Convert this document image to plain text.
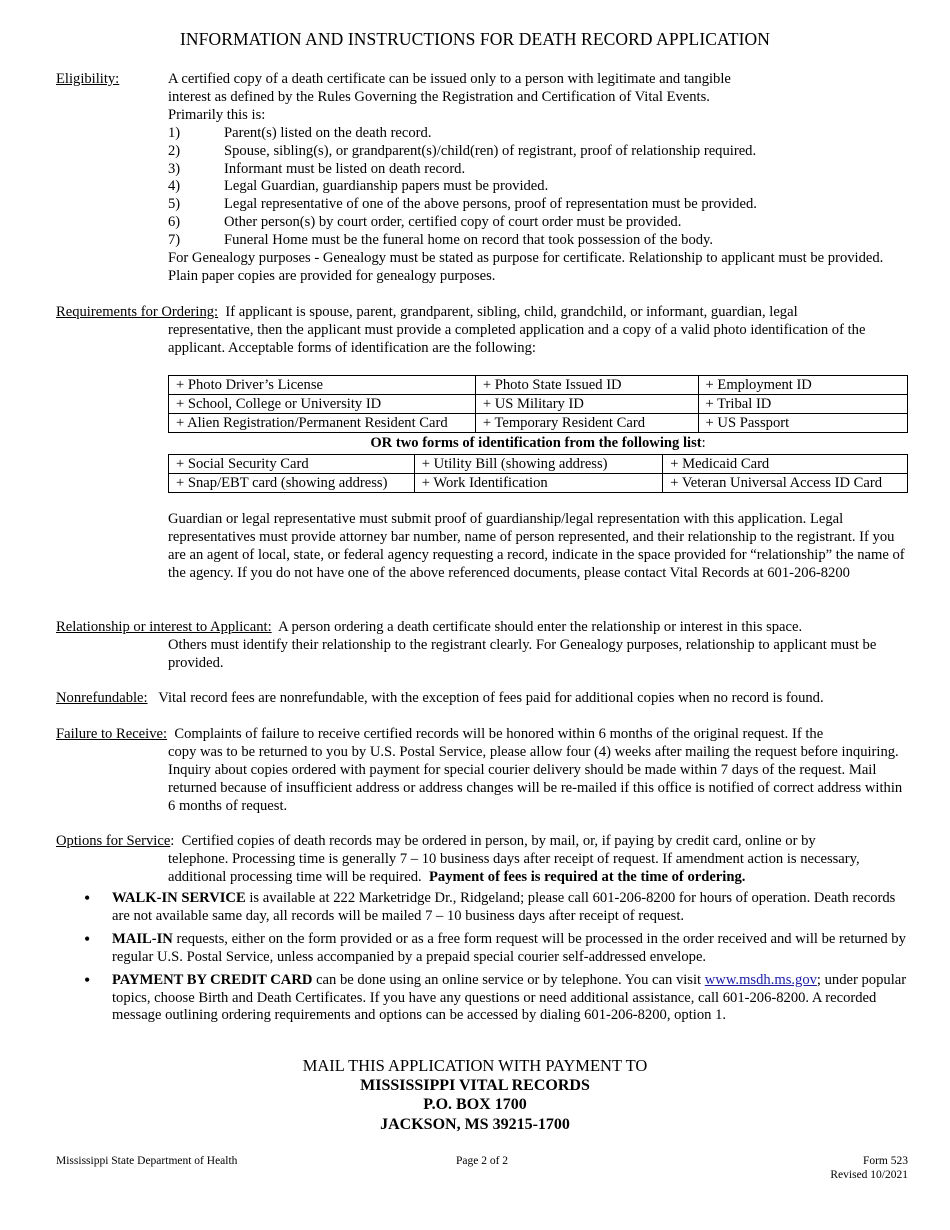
INFORMATION AND INSTRUCTIONS FOR DEATH RECORD APPLICATION
Eligibility:	A certified copy of a death certificate can be issued only to a person with legitimate and tangible
interest as defined by the Rules Governing the Registration and Certification of Vital Events.
Primarily this is:
1)	Parent(s) listed on the death record.
2)	Spouse, sibling(s), or grandparent(s)/child(ren) of registrant, proof of relationship required.
3)	Informant must be listed on death record.
4)	Legal Guardian, guardianship papers must be provided.
5)	Legal representative of one of the above persons, proof of representation must be provided.
6)	Other person(s) by court order, certified copy of court order must be provided.
7)	Funeral Home must be the funeral home on record that took possession of the body.
For Genealogy purposes - Genealogy must be stated as purpose for certificate. Relationship to applicant must be provided. Plain paper copies are provided for genealogy purposes.
Requirements for Ordering: If applicant is spouse, parent, grandparent, sibling, child, grandchild, or informant, guardian, legal
representative, then the applicant must provide a completed application and a copy of a valid photo identification of the applicant. Acceptable forms of identification are the following:
+ Photo Driver’s License	+ Photo State Issued ID	+ Employment ID
+ School, College or University ID	+ US Military ID	+ Tribal ID
+ Alien Registration/Permanent Resident Card	+ Temporary Resident Card	+ US Passport
OR two forms of identification from the following list:
+ Social Security Card	+ Utility Bill (showing address)	+ Medicaid Card
+ Snap/EBT card (showing address)	+ Work Identification	+ Veteran Universal Access ID Card
Guardian or legal representative must submit proof of guardianship/legal representation with this application. Legal representatives must provide attorney bar number, name of person represented, and their relationship to the registrant. If you are an agent of local, state, or federal agency requesting a record, indicate in the space provided for “relationship” the name of the agency. If you do not have one of the above referenced documents, please contact Vital Records at 601-206-8200
Relationship or interest to Applicant: A person ordering a death certificate should enter the relationship or interest in this space.
Others must identify their relationship to the registrant clearly. For Genealogy purposes, relationship to applicant must be provided.
Nonrefundable: Vital record fees are nonrefundable, with the exception of fees paid for additional copies when no record is found.
Failure to Receive: Complaints of failure to receive certified records will be honored within 6 months of the original request. If the
copy was to be returned to you by U.S. Postal Service, please allow four (4) weeks after mailing the request before inquiring. Inquiry about copies ordered with payment for special courier delivery should be made within 7 days of the request. Mail returned because of insufficient address or address changes will be re-mailed if this office is notified of correct address within 6 months of request.
Options for Service: Certified copies of death records may be ordered in person, by mail, or, if paying by credit card, online or by
telephone. Processing time is generally 7 – 10 business days after receipt of request. If amendment action is necessary, additional processing time will be required. Payment of fees is required at the time of ordering.
• WALK-IN SERVICE is available at 222 Marketridge Dr., Ridgeland; please call 601-206-8200 for hours of operation. Death records are not available same day, all records will be mailed 7 – 10 business days after receipt of request.
• MAIL-IN requests, either on the form provided or as a free form request will be processed in the order received and will be returned by regular U.S. Postal Service, unless accompanied by a prepaid special courier self-addressed envelope.
• PAYMENT BY CREDIT CARD can be done using an online service or by telephone. You can visit www.msdh.ms.gov; under popular topics, choose Birth and Death Certificates. If you have any questions or need additional assistance, call 601-206-8200. A recorded message outlining ordering requirements and options can be accessed by dialing 601-206-8200, option 1.
MAIL THIS APPLICATION WITH PAYMENT TO
MISSISSIPPI VITAL RECORDS
P.O. BOX 1700
JACKSON, MS 39215-1700
Mississippi State Department of Health	Page 2 of 2	Form 523
Revised 10/2021
